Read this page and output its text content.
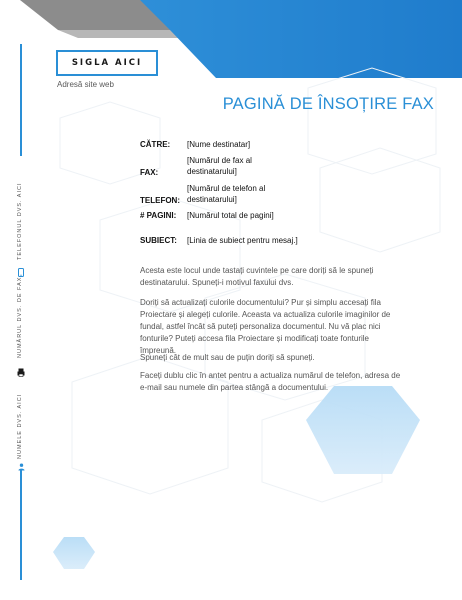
SIGLA AICI
Adresă site web
PAGINĂ DE ÎNSOȚIRE FAX
CĂTRE: [Nume destinatar]
FAX:
[Numărul de fax al destinatarului]
TELEFON:
[Numărul de telefon al destinatarului]
# PAGINI: [Numărul total de pagini]
SUBIECT: [Linia de subiect pentru mesaj.]
Acesta este locul unde tastați cuvintele pe care doriți să le spuneți destinatarului. Spuneți-i motivul faxului dvs.
Doriți să actualizați culorile documentului? Pur și simplu accesați fila Proiectare și alegeți culorile. Aceasta va actualiza culorile imaginilor de fundal, astfel încât să puteți personaliza documentul. Nu vă plac nici fonturile? Puteți accesa fila Proiectare și modificați toate fonturile împreună.
Spuneți cât de mult sau de puțin doriți să spuneți.
Faceți dublu clic în antet pentru a actualiza numărul de telefon, adresa de e-mail sau numele din partea stângă a documentului.
TELEFONUL DVS. AICI
NUMĂRUL DVS. DE FAX
NUMELE DVS. AICI
